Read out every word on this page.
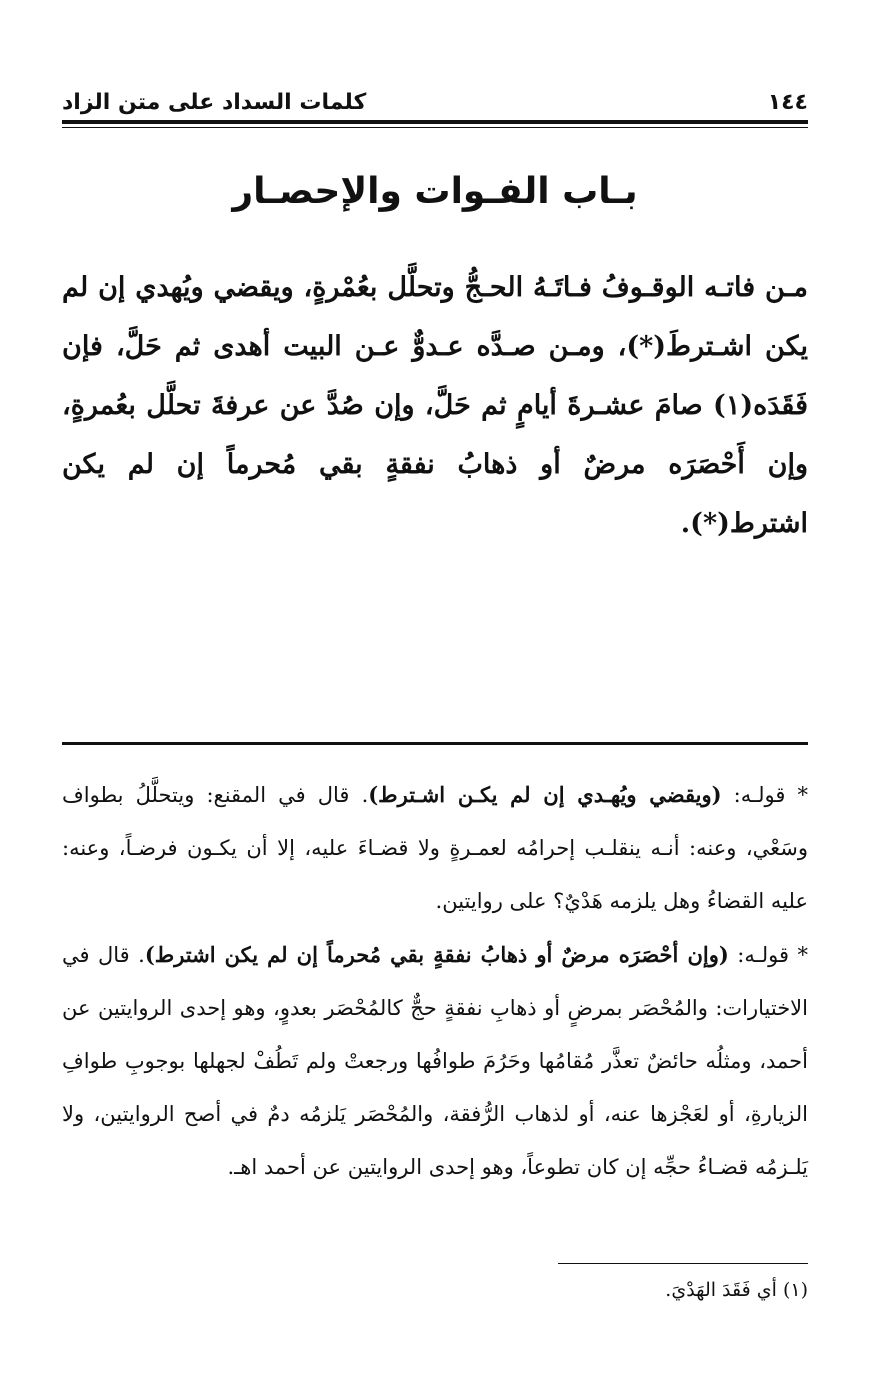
١٤٤
كلمات السداد على متن الزاد
بـاب الفـوات والإحصـار

مـن فاتـه الوقـوفُ فـاتَـهُ الحـجُّ وتحلَّل بعُمْرةٍ، ويقضي ويُهدي إن لم يكن اشـترطَ(*)، ومـن صـدَّه عـدوٌّ عـن البيت أهدى ثم حَلَّ، فإن فَقَدَه(١) صامَ عشـرةَ أيامٍ ثم حَلَّ، وإن صُدَّ عن عرفةَ تحلَّل بعُمرةٍ، وإن أَحْصَرَه مرضٌ أو ذهابُ نفقةٍ بقي مُحرماً إن لم يكن اشترط(*).

* قولـه: (ويقضي ويُهـدي إن لم يكـن اشـترط). قال في المقنع: ويتحلَّلُ بطواف وسَعْي، وعنه: أنـه ينقلـب إحرامُه لعمـرةٍ ولا قضـاءَ عليه، إلا أن يكـون فرضـاً، وعنه: عليه القضاءُ وهل يلزمه هَدْيٌ؟ على روايتين.

* قولـه: (وإن أحْصَرَه مرضٌ أو ذهابُ نفقةٍ بقي مُحرماً إن لم يكن اشترط). قال في الاختيارات: والمُحْصَر بمرضٍ أو ذهابِ نفقةٍ حجٌّ كالمُحْصَر بعدوٍ، وهو إحدى الروايتين عن أحمد، ومثلُه حائضٌ تعذَّر مُقامُها وحَرُمَ طوافُها ورجعتْ ولم تَطُفْ لجهلها بوجوبِ طوافِ الزيارةِ، أو لعَجْزها عنه، أو لذهاب الرُّفقة، والمُحْصَر يَلزمُه دمٌ في أصح الروايتين، ولا يَلـزمُه قضـاءُ حجِّه إن كان تطوعاً، وهو إحدى الروايتين عن أحمد اهـ.

(١) أي فَقَدَ الهَدْيَ.
